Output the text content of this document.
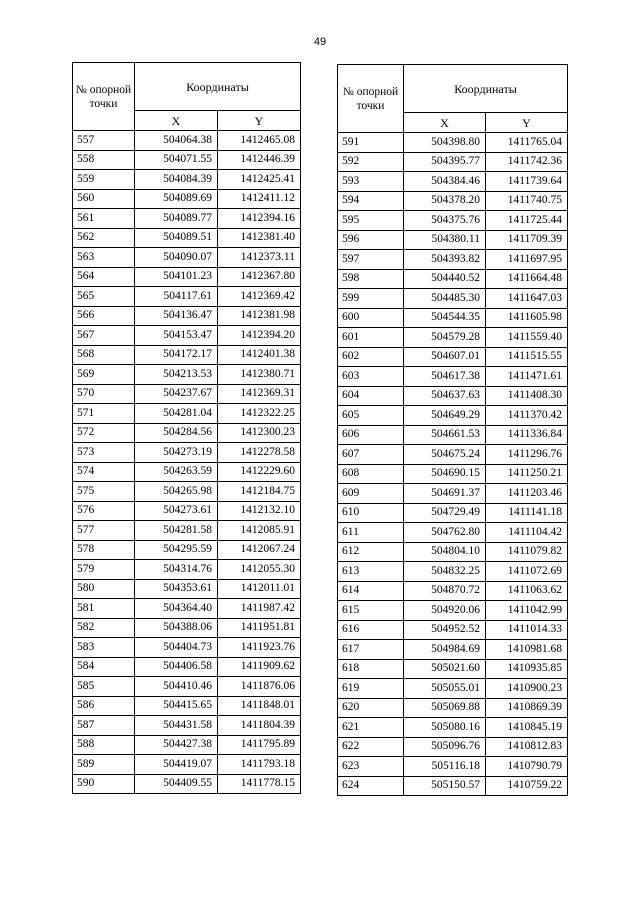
49
№ опорной точки	Координаты	
	X	Y
557	504064.38	1412465.08
558	504071.55	1412446.39
559	504084.39	1412425.41
560	504089.69	1412411.12
561	504089.77	1412394.16
562	504089.51	1412381.40
563	504090.07	1412373.11
564	504101.23	1412367.80
565	504117.61	1412369.42
566	504136.47	1412381.98
567	504153.47	1412394.20
568	504172.17	1412401.38
569	504213.53	1412380.71
570	504237.67	1412369.31
571	504281.04	1412322.25
572	504284.56	1412300.23
573	504273.19	1412278.58
574	504263.59	1412229.60
575	504265.98	1412184.75
576	504273.61	1412132.10
577	504281.58	1412085.91
578	504295.59	1412067.24
579	504314.76	1412055.30
580	504353.61	1412011.01
581	504364.40	1411987.42
582	504388.06	1411951.81
583	504404.73	1411923.76
584	504406.58	1411909.62
585	504410.46	1411876.06
586	504415.65	1411848.01
587	504431.58	1411804.39
588	504427.38	1411795.89
589	504419.07	1411793.18
590	504409.55	1411778.15
№ опорной точки	Координаты	
	X	Y
591	504398.80	1411765.04
592	504395.77	1411742.36
593	504384.46	1411739.64
594	504378.20	1411740.75
595	504375.76	1411725.44
596	504380.11	1411709.39
597	504393.82	1411697.95
598	504440.52	1411664.48
599	504485.30	1411647.03
600	504544.35	1411605.98
601	504579.28	1411559.40
602	504607.01	1411515.55
603	504617.38	1411471.61
604	504637.63	1411408.30
605	504649.29	1411370.42
606	504661.53	1411336.84
607	504675.24	1411296.76
608	504690.15	1411250.21
609	504691.37	1411203.46
610	504729.49	1411141.18
611	504762.80	1411104.42
612	504804.10	1411079.82
613	504832.25	1411072.69
614	504870.72	1411063.62
615	504920.06	1411042.99
616	504952.52	1411014.33
617	504984.69	1410981.68
618	505021.60	1410935.85
619	505055.01	1410900.23
620	505069.88	1410869.39
621	505080.16	1410845.19
622	505096.76	1410812.83
623	505116.18	1410790.79
624	505150.57	1410759.22
